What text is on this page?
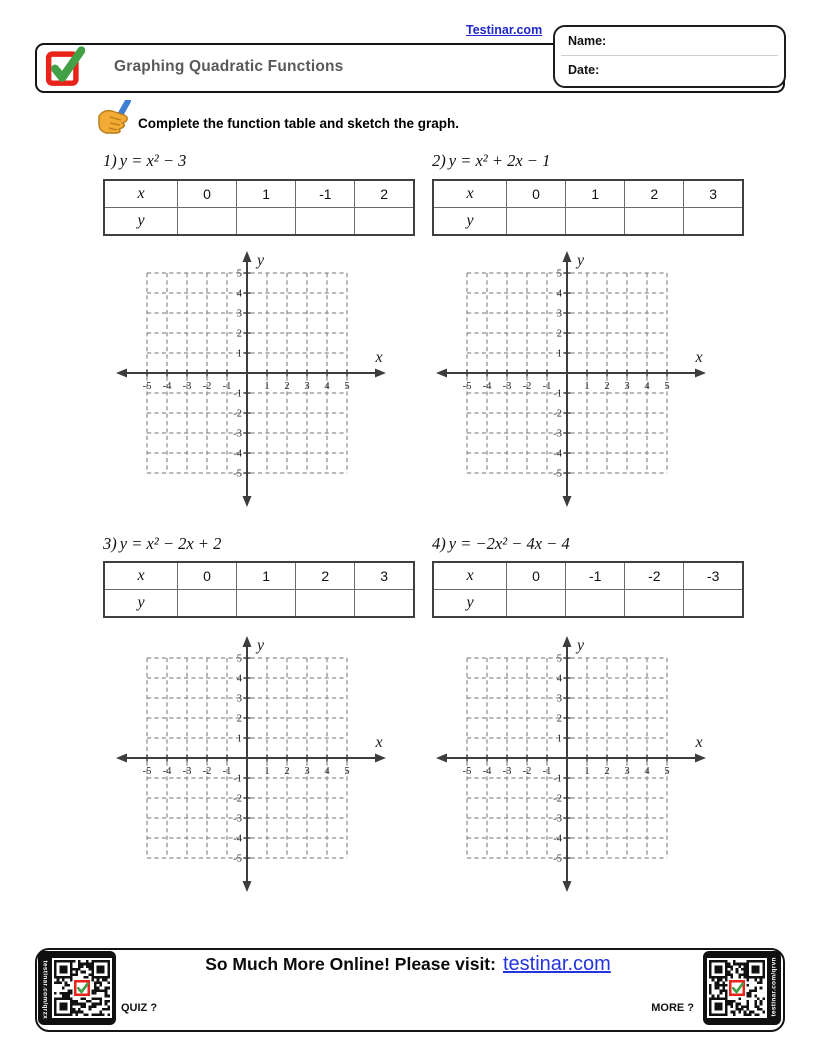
Graphing Quadratic Functions
Testinar.com
Name:
Date:
Complete the function table and sketch the graph.
1) y = x² − 3	2) y = x² + 2x − 1
3) y = x² − 2x + 2	4) y = −2x² − 4x − 4
x	0	1	-1	2
y				
x	0	1	2	3
y				
x	0	1	2	3
y				
x	0	-1	-2	-3
y				
-5 -4 -3 -2 -1	1 2 3 4 5
5
4
3
2
1
-1
-2
-3
-4
-5
y
x
-5 -4 -3 -2 -1	1 2 3 4 5
5
4
3
2
1
-1
-2
-3
-4
-5
y
x
-5 -4 -3 -2 -1	1 2 3 4 5
5
4
3
2
1
-1
-2
-3
-4
-5
y
x
-5 -4 -3 -2 -1	1 2 3 4 5
5
4
3
2
1
-1
-2
-3
-4
-5
y
x
testinar.com/qrzx	testinar.com/qrvn
So Much More Online! Please visit: testinar.com
QUIZ ?	MORE ?
